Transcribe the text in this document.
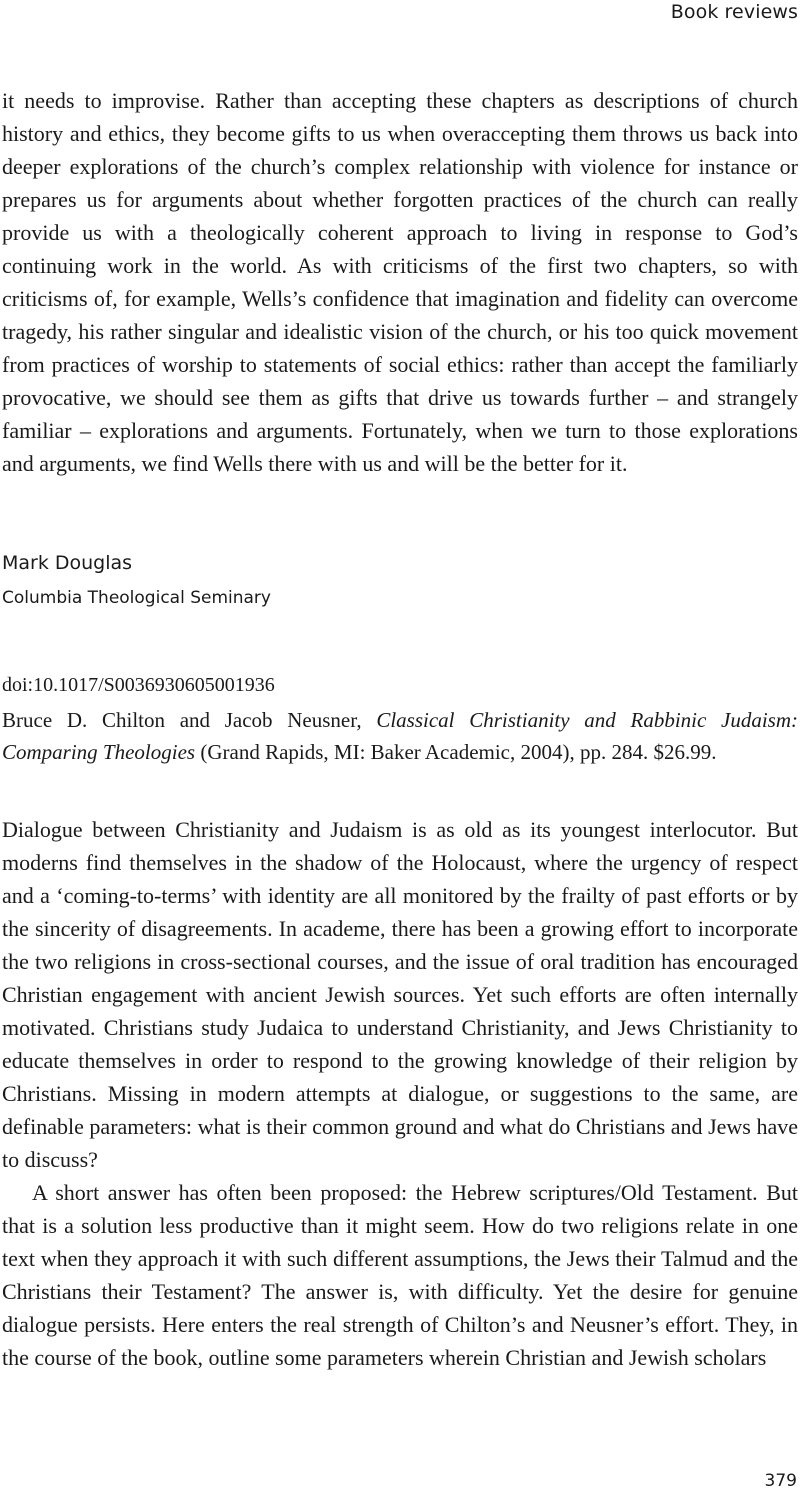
Book reviews

it needs to improvise. Rather than accepting these chapters as descriptions of church history and ethics, they become gifts to us when overaccepting them throws us back into deeper explorations of the church’s complex relationship with violence for instance or prepares us for arguments about whether forgotten practices of the church can really provide us with a theologically coherent approach to living in response to God’s continuing work in the world. As with criticisms of the first two chapters, so with criticisms of, for example, Wells’s confidence that imagination and fidelity can overcome tragedy, his rather singular and idealistic vision of the church, or his too quick movement from practices of worship to statements of social ethics: rather than accept the familiarly provocative, we should see them as gifts that drive us towards further – and strangely familiar – explorations and arguments. Fortunately, when we turn to those explorations and arguments, we find Wells there with us and will be the better for it.

Mark Douglas
Columbia Theological Seminary
doi:10.1017/S0036930605001936

Bruce D. Chilton and Jacob Neusner, Classical Christianity and Rabbinic Judaism: Comparing Theologies (Grand Rapids, MI: Baker Academic, 2004), pp. 284. $26.99.

Dialogue between Christianity and Judaism is as old as its youngest interlocutor. But moderns find themselves in the shadow of the Holocaust, where the urgency of respect and a ‘coming-to-terms’ with identity are all monitored by the frailty of past efforts or by the sincerity of disagreements. In academe, there has been a growing effort to incorporate the two religions in cross-sectional courses, and the issue of oral tradition has encouraged Christian engagement with ancient Jewish sources. Yet such efforts are often internally motivated. Christians study Judaica to understand Christianity, and Jews Christianity to educate themselves in order to respond to the growing knowledge of their religion by Christians. Missing in modern attempts at dialogue, or suggestions to the same, are definable parameters: what is their common ground and what do Christians and Jews have to discuss?

A short answer has often been proposed: the Hebrew scriptures/Old Testament. But that is a solution less productive than it might seem. How do two religions relate in one text when they approach it with such different assumptions, the Jews their Talmud and the Christians their Testament? The answer is, with difficulty. Yet the desire for genuine dialogue persists. Here enters the real strength of Chilton’s and Neusner’s effort. They, in the course of the book, outline some parameters wherein Christian and Jewish scholars

379
